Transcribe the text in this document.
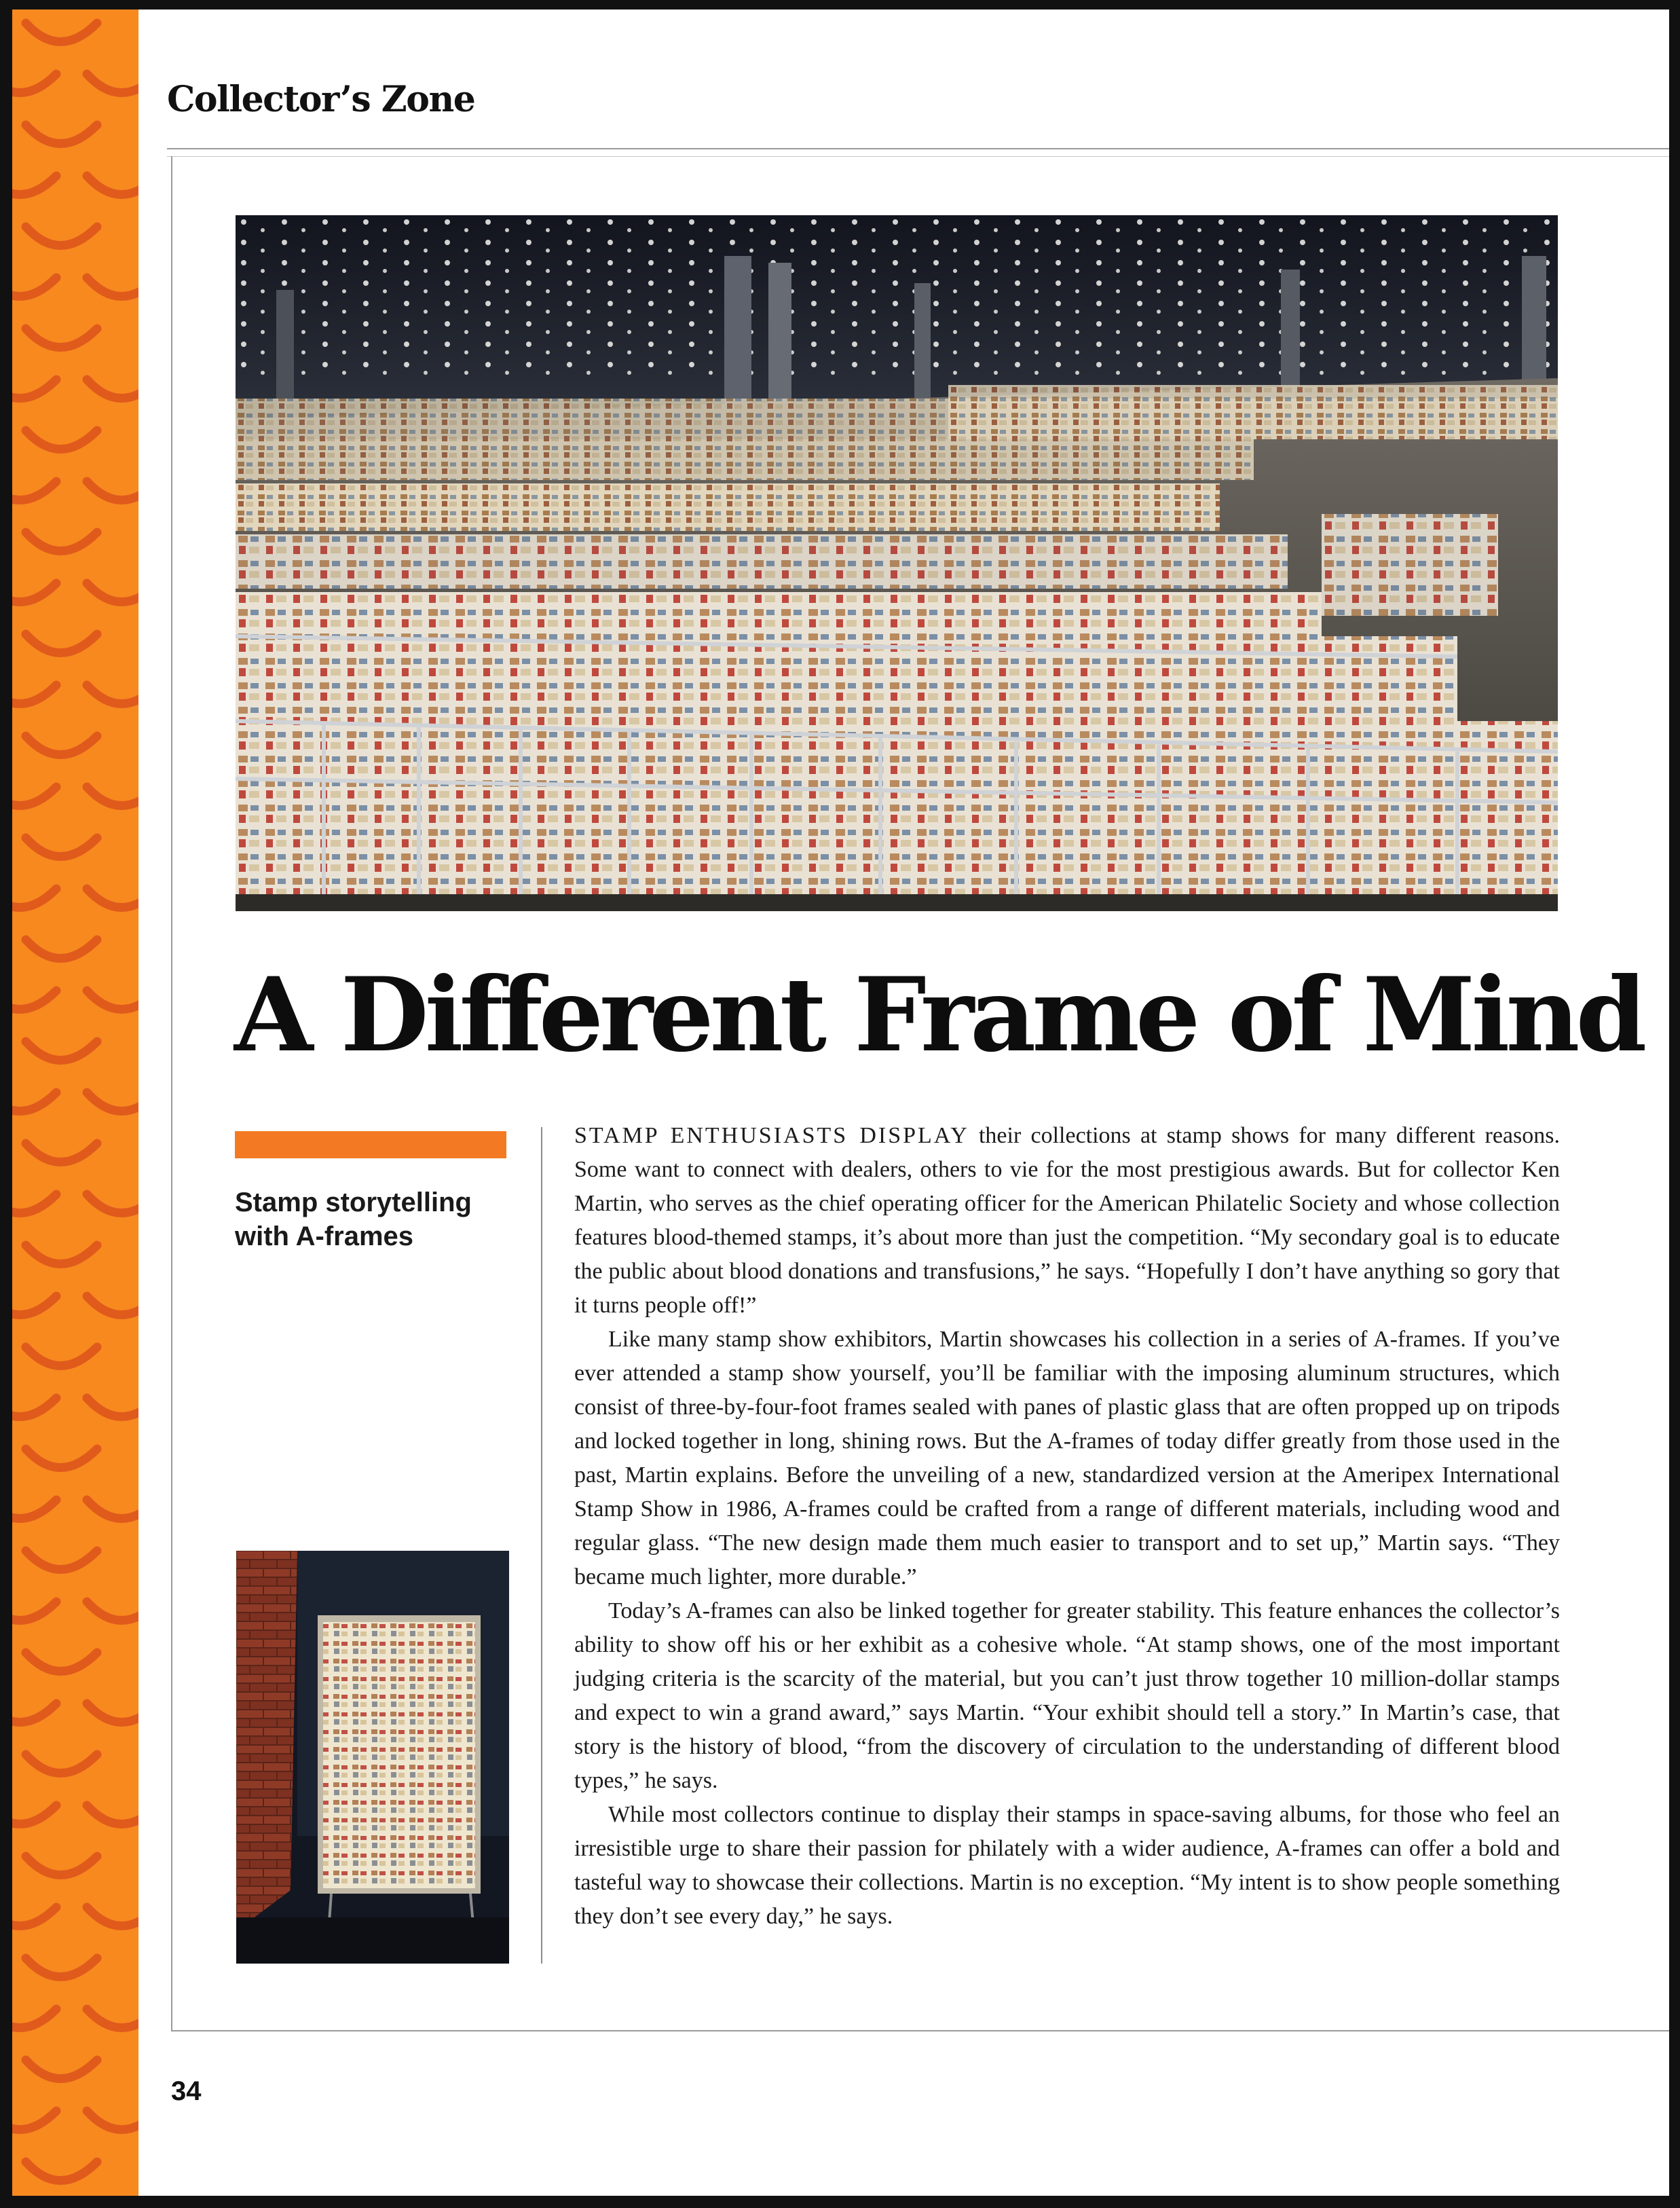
Collector’s Zone
A Different Frame of Mind
Stamp storytelling with A-frames

STAMP ENTHUSIASTS DISPLAY their collections at stamp shows for many different reasons. Some want to connect with dealers, others to vie for the most prestigious awards. But for collector Ken Martin, who serves as the chief operating officer for the American Philatelic Society and whose collection features blood-themed stamps, it’s about more than just the competition. “My secondary goal is to educate the public about blood donations and transfusions,” he says. “Hopefully I don’t have anything so gory that it turns people off!”

Like many stamp show exhibitors, Martin showcases his collection in a series of A-frames. If you’ve ever attended a stamp show yourself, you’ll be familiar with the imposing aluminum structures, which consist of three-by-four-foot frames sealed with panes of plastic glass that are often propped up on tripods and locked together in long, shining rows. But the A-frames of today differ greatly from those used in the past, Martin explains. Before the unveiling of a new, standardized version at the Ameripex International Stamp Show in 1986, A-frames could be crafted from a range of different materials, including wood and regular glass. “The new design made them much easier to transport and to set up,” Martin says. “They became much lighter, more durable.”

Today’s A-frames can also be linked together for greater stability. This feature enhances the collector’s ability to show off his or her exhibit as a cohesive whole. “At stamp shows, one of the most important judging criteria is the scarcity of the material, but you can’t just throw together 10 million-dollar stamps and expect to win a grand award,” says Martin. “Your exhibit should tell a story.” In Martin’s case, that story is the history of blood, “from the discovery of circulation to the understanding of different blood types,” he says.

While most collectors continue to display their stamps in space-saving albums, for those who feel an irresistible urge to share their passion for philately with a wider audience, A-frames can offer a bold and tasteful way to showcase their collections. Martin is no exception. “My intent is to show people something they don’t see every day,” he says.

34
